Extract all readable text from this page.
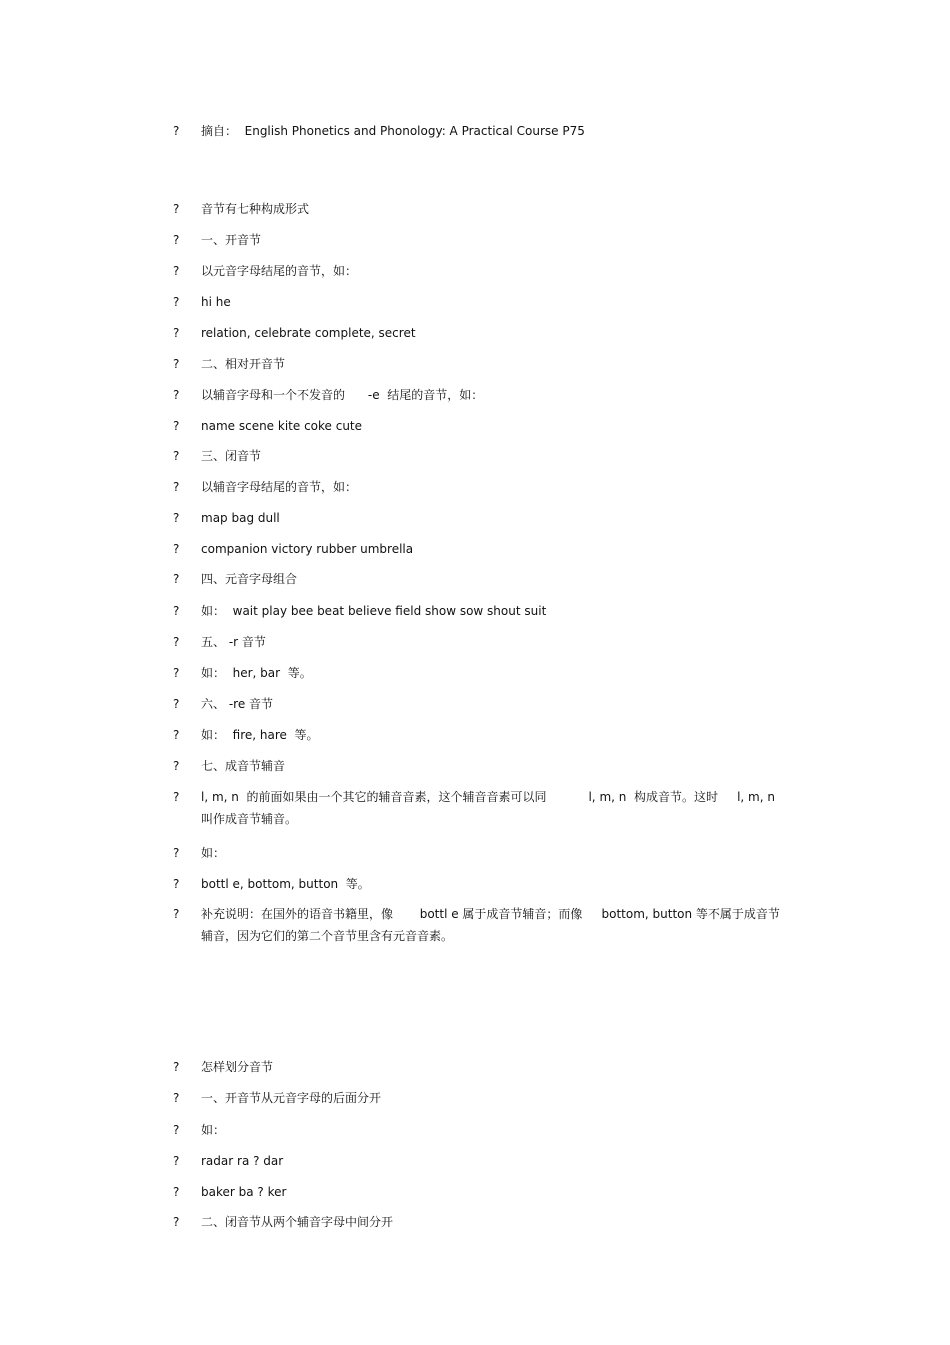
?	摘自：  English Phonetics and Phonology: A Practical Course P75
?	音节有七种构成形式
?	一、开音节
?	以元音字母结尾的音节，如：
?	hi he
?	relation, celebrate complete, secret
?	二、相对开音节
?	以辅音字母和一个不发音的      -e  结尾的音节，如：
?	name scene kite coke cute
?	三、闭音节
?	以辅音字母结尾的音节，如：
?	map bag dull
?	companion victory rubber umbrella
?	四、元音字母组合
?	如：  wait play bee beat believe field show sow shout suit
?	五、 -r 音节
?	如：  her, bar  等。
?	六、 -re 音节
?	如：  fire, hare  等。
?	七、成音节辅音
?	l, m, n  的前面如果由一个其它的辅音音素，这个辅音音素可以同           l, m, n  构成音节。这时     l, m, n
叫作成音节辅音。
?	如：
?	bottl e, bottom, button  等。
?	补充说明：在国外的语音书籍里，像       bottl e 属于成音节辅音；而像     bottom, button 等不属于成音节
辅音，因为它们的第二个音节里含有元音音素。
?	怎样划分音节
?	一、开音节从元音字母的后面分开
?	如：
?	radar ra ? dar
?	baker ba ? ker
?	二、闭音节从两个辅音字母中间分开
